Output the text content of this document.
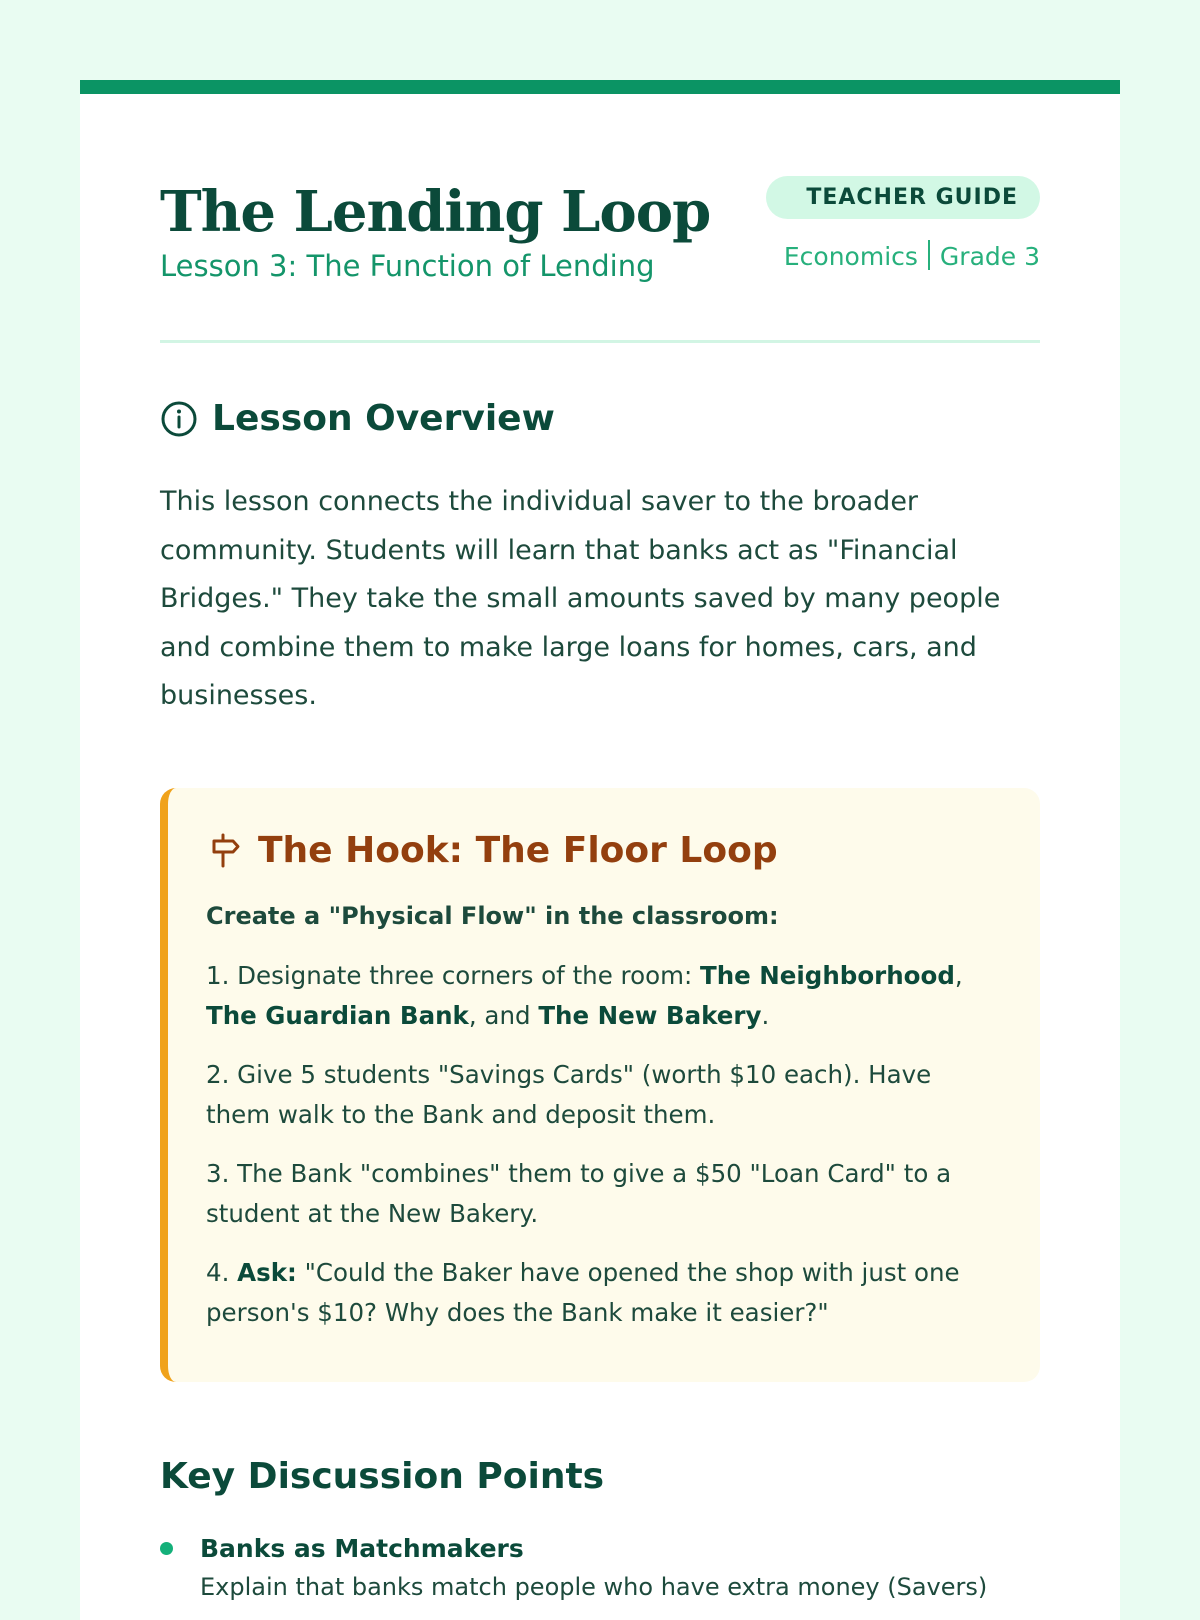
The Lending Loop
Lesson 3: The Function of Lending
TEACHER GUIDE
Economics Grade 3
Lesson Overview

This lesson connects the individual saver to the broader community. Students will learn that banks act as "Financial Bridges." They take the small amounts saved by many people and combine them to make large loans for homes, cars, and businesses.

The Hook: The Floor Loop
Create a "Physical Flow" in the classroom:
1. Designate three corners of the room: The Neighborhood, The Guardian Bank, and The New Bakery.
2. Give 5 students "Savings Cards" (worth $10 each). Have them walk to the Bank and deposit them.
3. The Bank "combines" them to give a $50 "Loan Card" to a student at the New Bakery.
4. Ask: "Could the Baker have opened the shop with just one person's $10? Why does the Bank make it easier?"
Key Discussion Points
Banks as Matchmakers
Explain that banks match people who have extra money (Savers)
